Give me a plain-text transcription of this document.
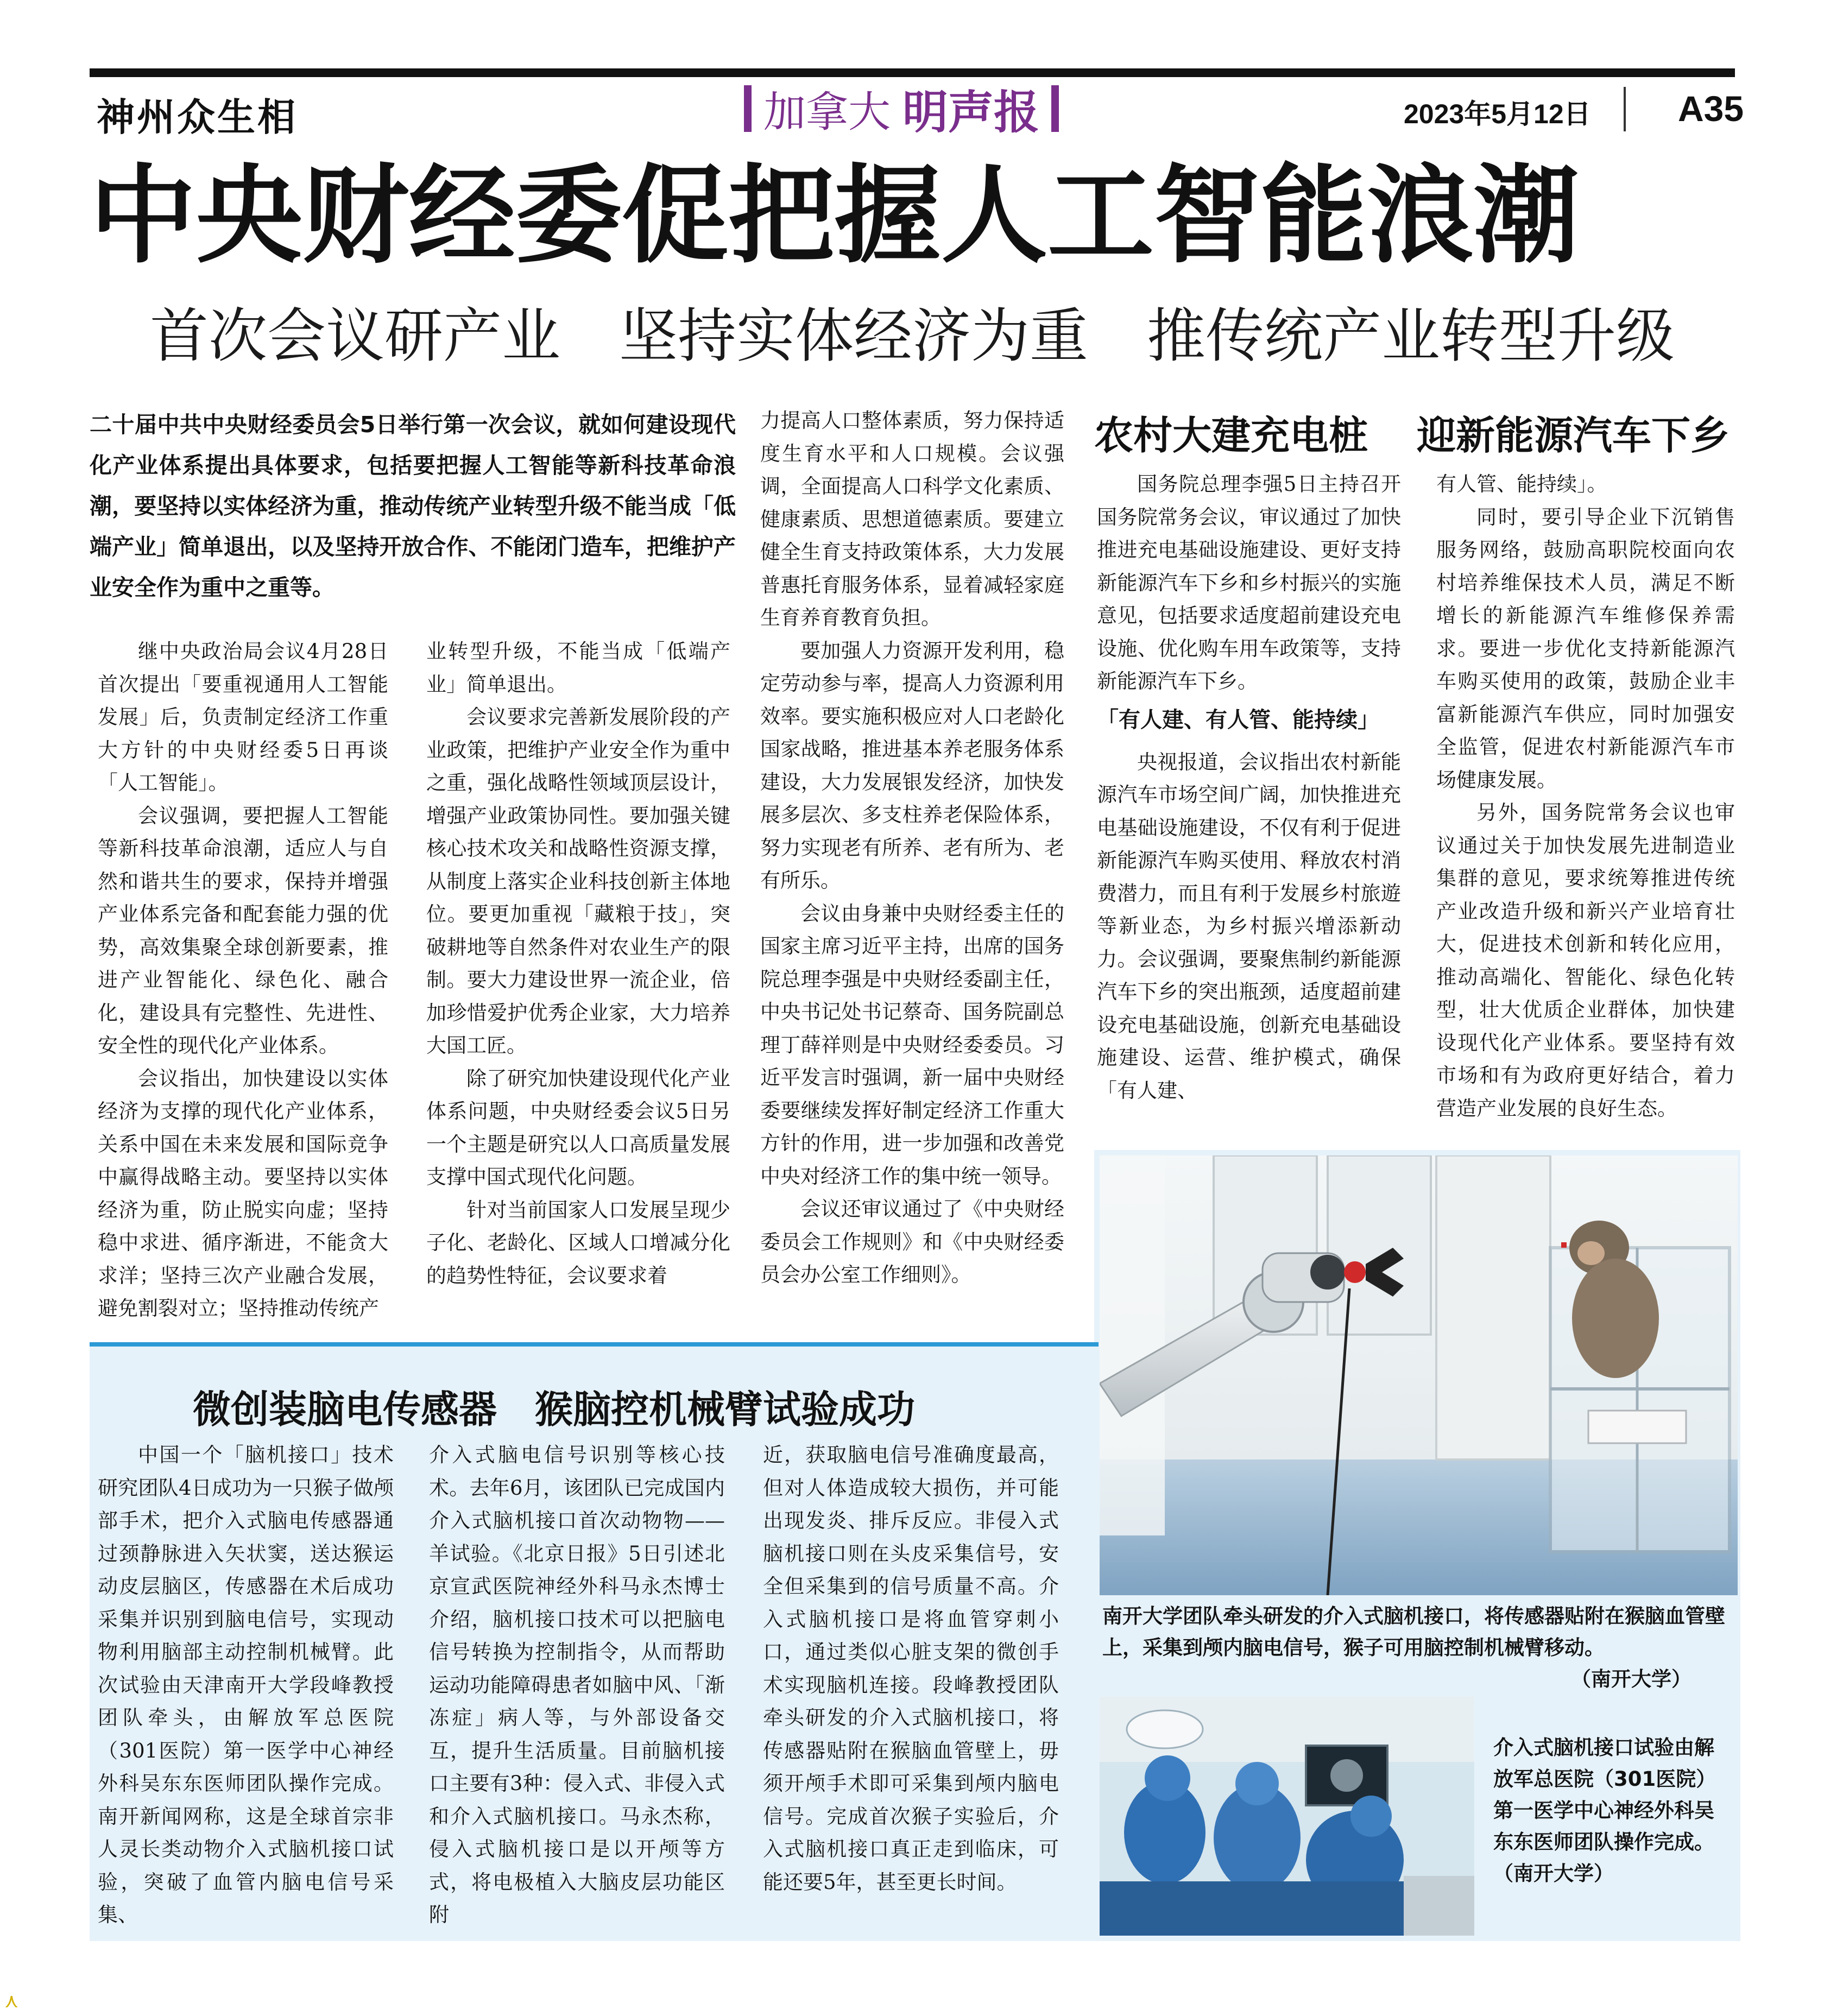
神州众生相	加拿大 明声报	2023年5月12日 A35
中央财经委促把握人工智能浪潮
首次会议研产业　坚持实体经济为重　推传统产业转型升级

二十届中共中央财经委员会5日举行第一次会议，就如何建设现代化产业体系提出具体要求，包括要把握人工智能等新科技革命浪潮，要坚持以实体经济为重，推动传统产业转型升级不能当成「低端产业」简单退出，以及坚持开放合作、不能闭门造车，把维护产业安全作为重中之重等。

继中央政治局会议4月28日首次提出「要重视通用人工智能发展」后，负责制定经济工作重大方针的中央财经委5日再谈「人工智能」。

会议强调，要把握人工智能等新科技革命浪潮，适应人与自然和谐共生的要求，保持并增强产业体系完备和配套能力强的优势，高效集聚全球创新要素，推进产业智能化、绿色化、融合化，建设具有完整性、先进性、安全性的现代化产业体系。

会议指出，加快建设以实体经济为支撑的现代化产业体系，关系中国在未来发展和国际竞争中赢得战略主动。要坚持以实体经济为重，防止脱实向虚；坚持稳中求进、循序渐进，不能贪大求洋；坚持三次产业融合发展，避免割裂对立；坚持推动传统产

业转型升级，不能当成「低端产业」简单退出。

会议要求完善新发展阶段的产业政策，把维护产业安全作为重中之重，强化战略性领域顶层设计，增强产业政策协同性。要加强关键核心技术攻关和战略性资源支撑，从制度上落实企业科技创新主体地位。要更加重视「藏粮于技」，突破耕地等自然条件对农业生产的限制。要大力建设世界一流企业，倍加珍惜爱护优秀企业家，大力培养大国工匠。

除了研究加快建设现代化产业体系问题，中央财经委会议5日另一个主题是研究以人口高质量发展支撑中国式现代化问题。

针对当前国家人口发展呈现少子化、老龄化、区域人口增减分化的趋势性特征，会议要求着

力提高人口整体素质，努力保持适度生育水平和人口规模。会议强调，全面提高人口科学文化素质、健康素质、思想道德素质。要建立健全生育支持政策体系，大力发展普惠托育服务体系，显着减轻家庭生育养育教育负担。

要加强人力资源开发利用，稳定劳动参与率，提高人力资源利用效率。要实施积极应对人口老龄化国家战略，推进基本养老服务体系建设，大力发展银发经济，加快发展多层次、多支柱养老保险体系，努力实现老有所养、老有所为、老有所乐。

会议由身兼中央财经委主任的国家主席习近平主持，出席的国务院总理李强是中央财经委副主任，中央书记处书记蔡奇、国务院副总理丁薛祥则是中央财经委委员。习近平发言时强调，新一届中央财经委要继续发挥好制定经济工作重大方针的作用，进一步加强和改善党中央对经济工作的集中统一领导。

会议还审议通过了《中央财经委员会工作规则》和《中央财经委员会办公室工作细则》。

农村大建充电桩 迎新能源汽车下乡

国务院总理李强5日主持召开国务院常务会议，审议通过了加快推进充电基础设施建设、更好支持新能源汽车下乡和乡村振兴的实施意见，包括要求适度超前建设充电设施、优化购车用车政策等，支持新能源汽车下乡。

「有人建、有人管、能持续」

央视报道，会议指出农村新能源汽车市场空间广阔，加快推进充电基础设施建设，不仅有利于促进新能源汽车购买使用、释放农村消费潜力，而且有利于发展乡村旅遊等新业态，为乡村振兴增添新动力。会议强调，要聚焦制约新能源汽车下乡的突出瓶颈，适度超前建设充电基础设施，创新充电基础设施建设、运营、维护模式，确保「有人建、

有人管、能持续」。

同时，要引导企业下沉销售服务网络，鼓励高职院校面向农村培养维保技术人员，满足不断增长的新能源汽车维修保养需求。要进一步优化支持新能源汽车购买使用的政策，鼓励企业丰富新能源汽车供应，同时加强安全监管，促进农村新能源汽车市场健康发展。

另外，国务院常务会议也审议通过关于加快发展先进制造业集群的意见，要求统筹推进传统产业改造升级和新兴产业培育壮大，促进技术创新和转化应用，推动高端化、智能化、绿色化转型，壮大优质企业群体，加快建设现代化产业体系。要坚持有效市场和有为政府更好结合，着力营造产业发展的良好生态。

微创装脑电传感器　猴脑控机械臂试验成功

中国一个「脑机接口」技术研究团队4日成功为一只猴子做颅部手术，把介入式脑电传感器通过颈静脉进入矢状窦，送达猴运动皮层脑区，传感器在术后成功采集并识别到脑电信号，实现动物利用脑部主动控制机械臂。此次试验由天津南开大学段峰教授团队牵头，由解放军总医院（301医院）第一医学中心神经外科吴东东医师团队操作完成。南开新闻网称，这是全球首宗非人灵长类动物介入式脑机接口试验，突破了血管内脑电信号采集、

介入式脑电信号识别等核心技术。去年6月，该团队已完成国内介入式脑机接口首次动物物——羊试验。《北京日报》5日引述北京宣武医院神经外科马永杰博士介绍，脑机接口技术可以把脑电信号转换为控制指令，从而帮助运动功能障碍患者如脑中风、「渐冻症」病人等，与外部设备交互，提升生活质量。目前脑机接口主要有3种：侵入式、非侵入式和介入式脑机接口。马永杰称，侵入式脑机接口是以开颅等方式，将电极植入大脑皮层功能区附

近，获取脑电信号准确度最高，但对人体造成较大损伤，并可能出现发炎、排斥反应。非侵入式脑机接口则在头皮采集信号，安全但采集到的信号质量不高。介入式脑机接口是将血管穿刺小口，通过类似心脏支架的微创手术实现脑机连接。段峰教授团队牵头研发的介入式脑机接口，将传感器贴附在猴脑血管壁上，毋须开颅手术即可采集到颅内脑电信号。完成首次猴子实验后，介入式脑机接口真正走到临床，可能还要5年，甚至更长时间。

南开大学团队牵头研发的介入式脑机接口，将传感器贴附在猴脑血管壁上，采集到颅内脑电信号，猴子可用脑控制机械臂移动。
（南开大学）
介入式脑机接口试验由解放军总医院（301医院）第一医学中心神经外科吴东东医师团队操作完成。（南开大学）
⋏
